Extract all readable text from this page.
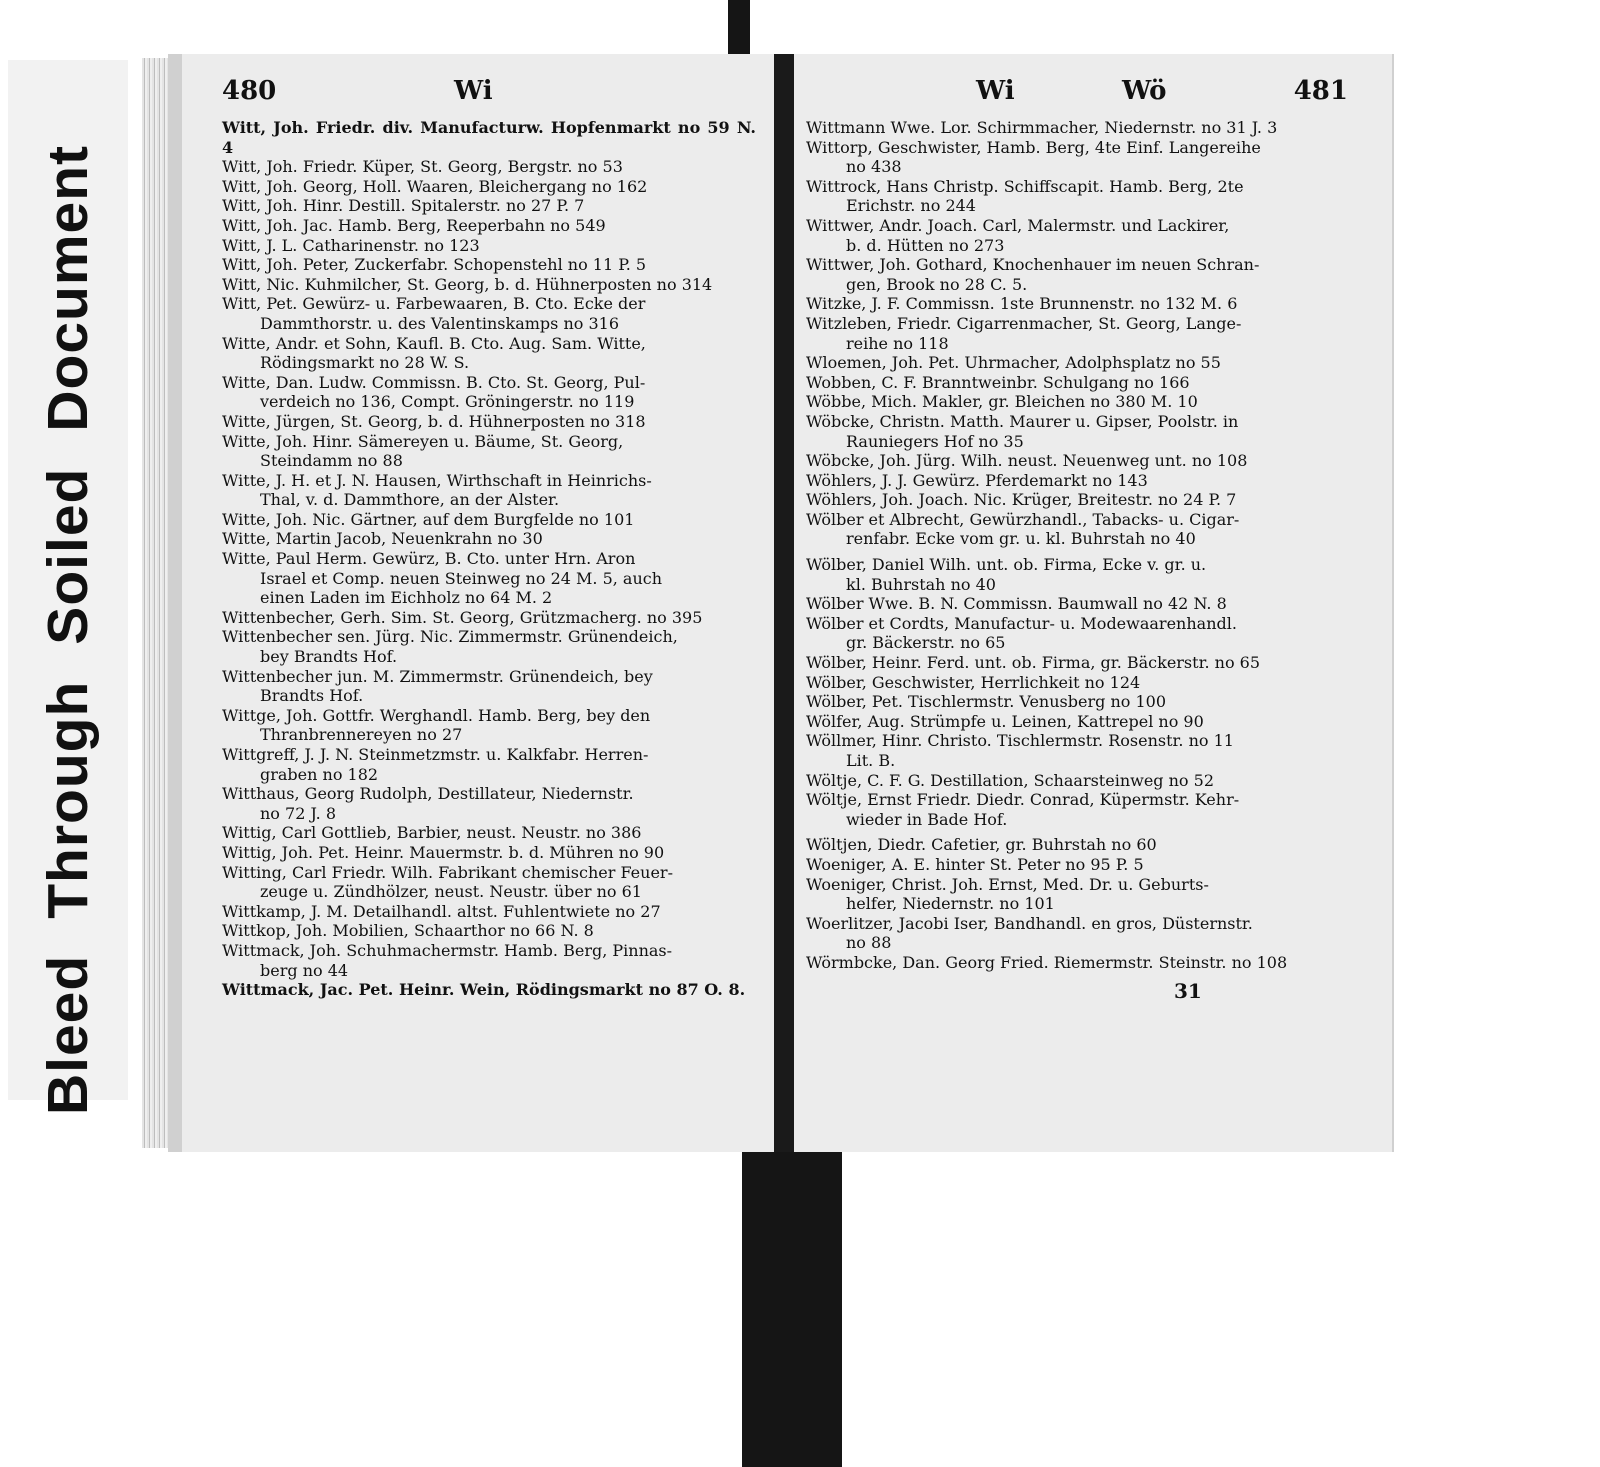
BleedThroughSoiledDocument
480	Wi
Witt, Joh. Friedr. div. Manufacturw. Hopfenmarkt no 59 N. 4
Witt, Joh. Friedr. Küper, St. Georg, Bergstr. no 53
Witt, Joh. Georg, Holl. Waaren, Bleichergang no 162
Witt, Joh. Hinr. Destill. Spitalerstr. no 27 P. 7
Witt, Joh. Jac. Hamb. Berg, Reeperbahn no 549
Witt, J. L. Catharinenstr. no 123
Witt, Joh. Peter, Zuckerfabr. Schopenstehl no 11 P. 5
Witt, Nic. Kuhmilcher, St. Georg, b. d. Hühnerposten no 314
Witt, Pet. Gewürz- u. Farbewaaren, B. Cto. Ecke der
Dammthorstr. u. des Valentinskamps no 316
Witte, Andr. et Sohn, Kaufl. B. Cto. Aug. Sam. Witte,
Rödingsmarkt no 28 W. S.
Witte, Dan. Ludw. Commissn. B. Cto. St. Georg, Pul-
verdeich no 136, Compt. Gröningerstr. no 119
Witte, Jürgen, St. Georg, b. d. Hühnerposten no 318
Witte, Joh. Hinr. Sämereyen u. Bäume, St. Georg,
Steindamm no 88
Witte, J. H. et J. N. Hausen, Wirthschaft in Heinrichs-
Thal, v. d. Dammthore, an der Alster.
Witte, Joh. Nic. Gärtner, auf dem Burgfelde no 101
Witte, Martin Jacob, Neuenkrahn no 30
Witte, Paul Herm. Gewürz, B. Cto. unter Hrn. Aron
Israel et Comp. neuen Steinweg no 24 M. 5, auch
einen Laden im Eichholz no 64 M. 2
Wittenbecher, Gerh. Sim. St. Georg, Grützmacherg. no 395
Wittenbecher sen. Jürg. Nic. Zimmermstr. Grünendeich,
bey Brandts Hof.
Wittenbecher jun. M. Zimmermstr. Grünendeich, bey
Brandts Hof.
Wittge, Joh. Gottfr. Werghandl. Hamb. Berg, bey den
Thranbrennereyen no 27
Wittgreff, J. J. N. Steinmetzmstr. u. Kalkfabr. Herren-
graben no 182
Witthaus, Georg Rudolph, Destillateur, Niedernstr.
no 72 J. 8
Wittig, Carl Gottlieb, Barbier, neust. Neustr. no 386
Wittig, Joh. Pet. Heinr. Mauermstr. b. d. Mühren no 90
Witting, Carl Friedr. Wilh. Fabrikant chemischer Feuer-
zeuge u. Zündhölzer, neust. Neustr. über no 61
Wittkamp, J. M. Detailhandl. altst. Fuhlentwiete no 27
Wittkop, Joh. Mobilien, Schaarthor no 66 N. 8
Wittmack, Joh. Schuhmachermstr. Hamb. Berg, Pinnas-
berg no 44
Wittmack, Jac. Pet. Heinr. Wein, Rödingsmarkt no 87 O. 8.
Wi	Wö	481
Wittmann Wwe. Lor. Schirmmacher, Niedernstr. no 31 J. 3
Wittorp, Geschwister, Hamb. Berg, 4te Einf. Langereihe
no 438
Wittrock, Hans Christp. Schiffscapit. Hamb. Berg, 2te
Erichstr. no 244
Wittwer, Andr. Joach. Carl, Malermstr. und Lackirer,
b. d. Hütten no 273
Wittwer, Joh. Gothard, Knochenhauer im neuen Schran-
gen, Brook no 28 C. 5.
Witzke, J. F. Commissn. 1ste Brunnenstr. no 132 M. 6
Witzleben, Friedr. Cigarrenmacher, St. Georg, Lange-
reihe no 118
Wloemen, Joh. Pet. Uhrmacher, Adolphsplatz no 55
Wobben, C. F. Branntweinbr. Schulgang no 166
Wöbbe, Mich. Makler, gr. Bleichen no 380 M. 10
Wöbcke, Christn. Matth. Maurer u. Gipser, Poolstr. in
Rauniegers Hof no 35
Wöbcke, Joh. Jürg. Wilh. neust. Neuenweg unt. no 108
Wöhlers, J. J. Gewürz. Pferdemarkt no 143
Wöhlers, Joh. Joach. Nic. Krüger, Breitestr. no 24 P. 7
Wölber et Albrecht, Gewürzhandl., Tabacks- u. Cigar-
renfabr. Ecke vom gr. u. kl. Buhrstah no 40
Wölber, Daniel Wilh. unt. ob. Firma, Ecke v. gr. u.
kl. Buhrstah no 40
Wölber Wwe. B. N. Commissn. Baumwall no 42 N. 8
Wölber et Cordts, Manufactur- u. Modewaarenhandl.
gr. Bäckerstr. no 65
Wölber, Heinr. Ferd. unt. ob. Firma, gr. Bäckerstr. no 65
Wölber, Geschwister, Herrlichkeit no 124
Wölber, Pet. Tischlermstr. Venusberg no 100
Wölfer, Aug. Strümpfe u. Leinen, Kattrepel no 90
Wöllmer, Hinr. Christo. Tischlermstr. Rosenstr. no 11
Lit. B.
Wöltje, C. F. G. Destillation, Schaarsteinweg no 52
Wöltje, Ernst Friedr. Diedr. Conrad, Küpermstr. Kehr-
wieder in Bade Hof.
Wöltjen, Diedr. Cafetier, gr. Buhrstah no 60
Woeniger, A. E. hinter St. Peter no 95 P. 5
Woeniger, Christ. Joh. Ernst, Med. Dr. u. Geburts-
helfer, Niedernstr. no 101
Woerlitzer, Jacobi Iser, Bandhandl. en gros, Düsternstr.
no 88
Wörmbcke, Dan. Georg Fried. Riemermstr. Steinstr. no 108
31
